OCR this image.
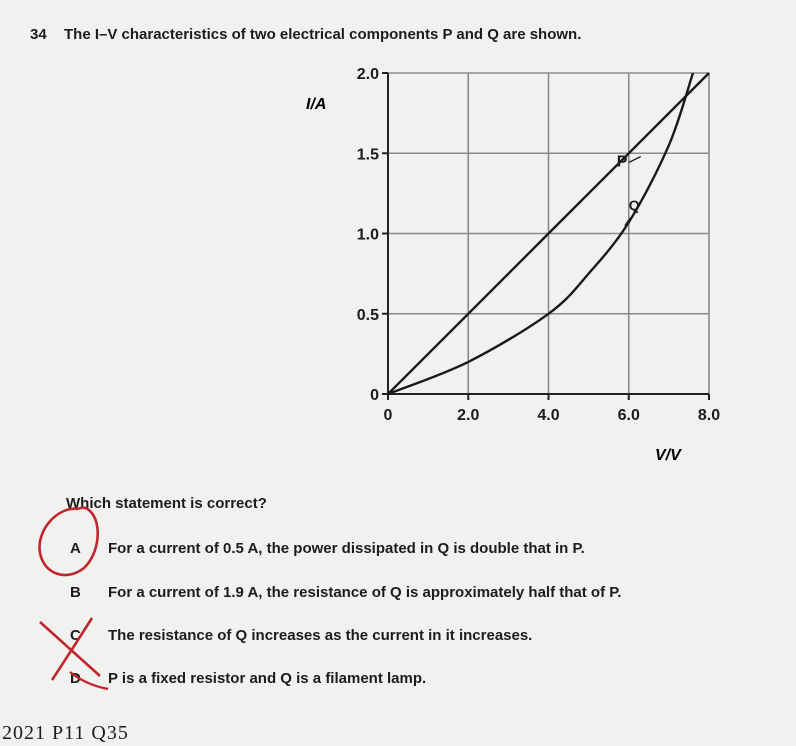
34 The I–V characteristics of two electrical components P and Q are shown.
0	2.0	4.0	6.0	8.0
0
0.5
1.0
1.5
2.0
P
Q
I/A
V/V
Which statement is correct?
A For a current of 0.5 A, the power dissipated in Q is double that in P.
B For a current of 1.9 A, the resistance of Q is approximately half that of P.
C The resistance of Q increases as the current in it increases.
D P is a fixed resistor and Q is a filament lamp.
2021 P11 Q35
